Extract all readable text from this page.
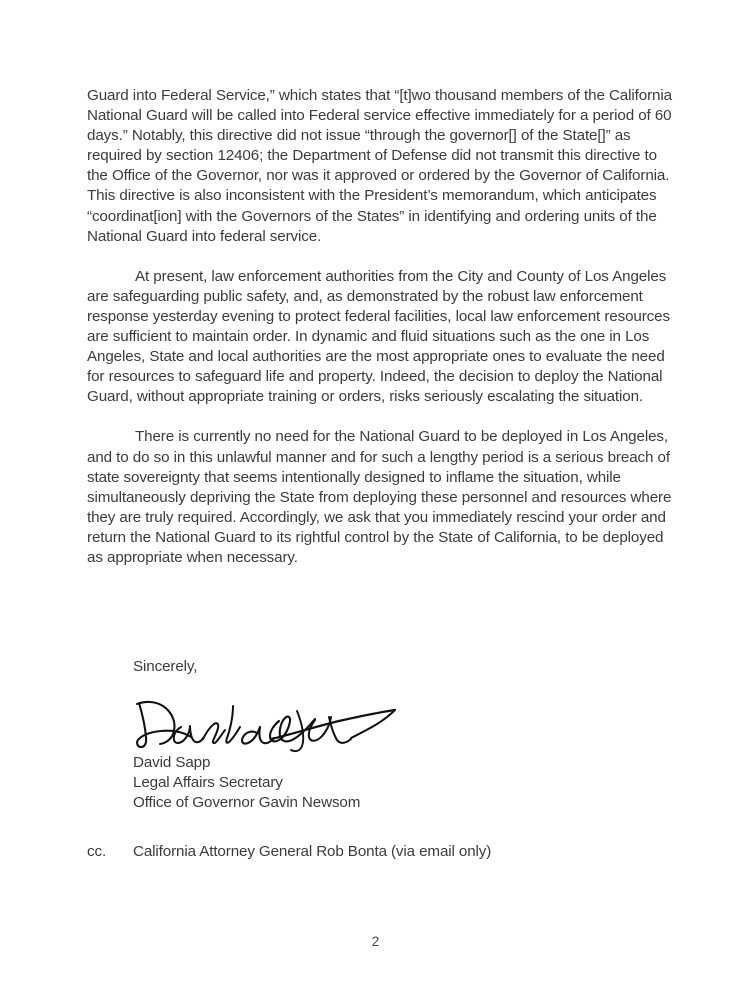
Guard into Federal Service,” which states that “[t]wo thousand members of the California National Guard will be called into Federal service effective immediately for a period of 60 days.” Notably, this directive did not issue “through the governor[] of the State[]” as required by section 12406; the Department of Defense did not transmit this directive to the Office of the Governor, nor was it approved or ordered by the Governor of California. This directive is also inconsistent with the President’s memorandum, which anticipates “coordinat[ion] with the Governors of the States” in identifying and ordering units of the National Guard into federal service.

At present, law enforcement authorities from the City and County of Los Angeles are safeguarding public safety, and, as demonstrated by the robust law enforcement response yesterday evening to protect federal facilities, local law enforcement resources are sufficient to maintain order. In dynamic and fluid situations such as the one in Los Angeles, State and local authorities are the most appropriate ones to evaluate the need for resources to safeguard life and property. Indeed, the decision to deploy the National Guard, without appropriate training or orders, risks seriously escalating the situation.

There is currently no need for the National Guard to be deployed in Los Angeles, and to do so in this unlawful manner and for such a lengthy period is a serious breach of state sovereignty that seems intentionally designed to inflame the situation, while simultaneously depriving the State from deploying these personnel and resources where they are truly required. Accordingly, we ask that you immediately rescind your order and return the National Guard to its rightful control by the State of California, to be deployed as appropriate when necessary.

Sincerely,
David Sapp
Legal Affairs Secretary
Office of Governor Gavin Newsom
cc.	California Attorney General Rob Bonta (via email only)
2
